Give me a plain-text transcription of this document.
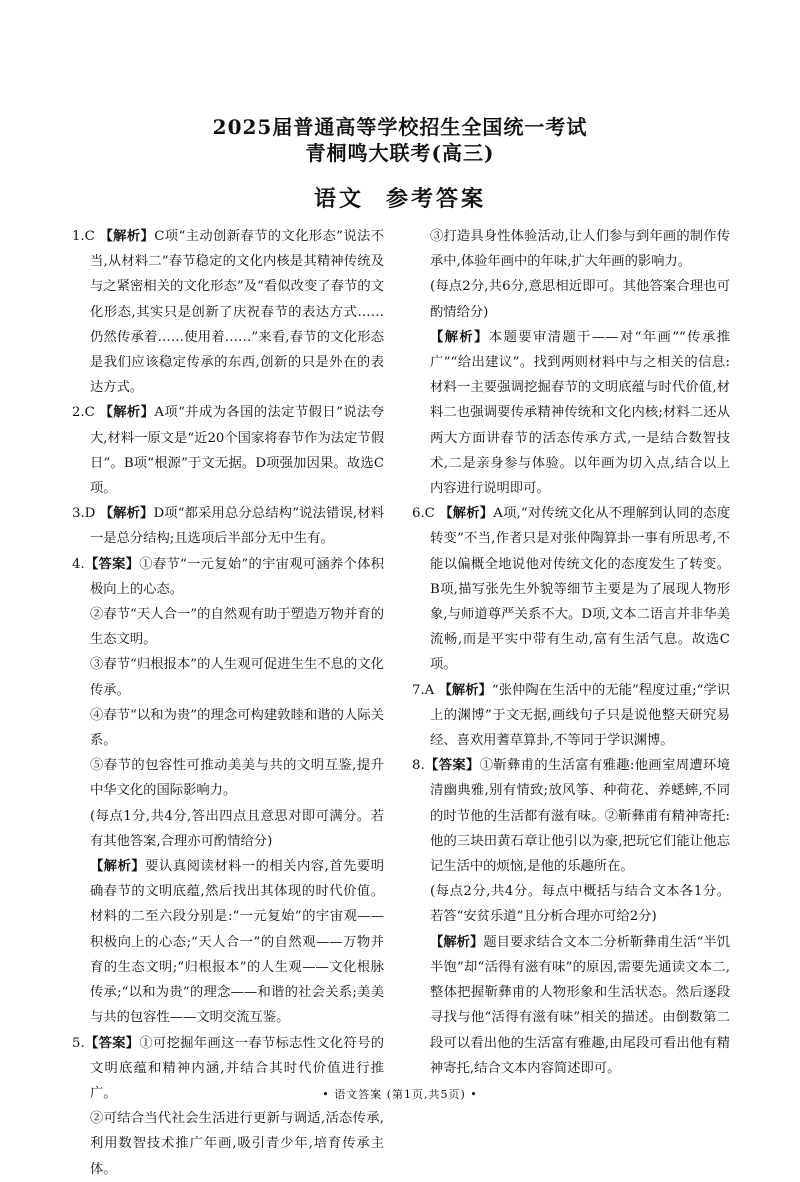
2025届普通高等学校招生全国统一考试
青桐鸣大联考(高三)
语文 参考答案

1.C 【解析】C项“主动创新春节的文化形态”说法不当,从材料二“春节稳定的文化内核是其精神传统及与之紧密相关的文化形态”及“看似改变了春节的文化形态,其实只是创新了庆祝春节的表达方式……仍然传承着……使用着……”来看,春节的文化形态是我们应该稳定传承的东西,创新的只是外在的表达方式。

2.C 【解析】A项“并成为各国的法定节假日”说法夸大,材料一原文是“近20个国家将春节作为法定节假日”。B项“根源”于文无据。D项强加因果。故选C项。

3.D 【解析】D项“都采用总分总结构”说法错误,材料一是总分结构;且选项后半部分无中生有。

4.【答案】①春节“一元复始”的宇宙观可涵养个体积极向上的心态。

②春节“天人合一”的自然观有助于塑造万物并育的生态文明。

③春节“归根报本”的人生观可促进生生不息的文化传承。

④春节“以和为贵”的理念可构建敦睦和谐的人际关系。

⑤春节的包容性可推动美美与共的文明互鉴,提升中华文化的国际影响力。

(每点1分,共4分,答出四点且意思对即可满分。若有其他答案,合理亦可酌情给分)

【解析】要认真阅读材料一的相关内容,首先要明确春节的文明底蕴,然后找出其体现的时代价值。材料的二至六段分别是:“一元复始”的宇宙观——积极向上的心态;“天人合一”的自然观——万物并育的生态文明;“归根报本”的人生观——文化根脉传承;“以和为贵”的理念——和谐的社会关系;美美与共的包容性——文明交流互鉴。

5.【答案】①可挖掘年画这一春节标志性文化符号的文明底蕴和精神内涵,并结合其时代价值进行推广。

②可结合当代社会生活进行更新与调适,活态传承,利用数智技术推广年画,吸引青少年,培育传承主体。

③打造具身性体验活动,让人们参与到年画的制作传承中,体验年画中的年味,扩大年画的影响力。

(每点2分,共6分,意思相近即可。其他答案合理也可酌情给分)

【解析】本题要审清题干——对“年画”“传承推广”“给出建议”。找到两则材料中与之相关的信息:材料一主要强调挖掘春节的文明底蕴与时代价值,材料二也强调要传承精神传统和文化内核;材料二还从两大方面讲春节的活态传承方式,一是结合数智技术,二是亲身参与体验。以年画为切入点,结合以上内容进行说明即可。

6.C 【解析】A项,“对传统文化从不理解到认同的态度转变”不当,作者只是对张仲陶算卦一事有所思考,不能以偏概全地说他对传统文化的态度发生了转变。B项,描写张先生外貌等细节主要是为了展现人物形象,与师道尊严关系不大。D项,文本二语言并非华美流畅,而是平实中带有生动,富有生活气息。故选C项。

7.A 【解析】“张仲陶在生活中的无能”程度过重;“学识上的渊博”于文无据,画线句子只是说他整天研究易经、喜欢用蓍草算卦,不等同于学识渊博。

8.【答案】①靳彝甫的生活富有雅趣:他画室周遭环境清幽典雅,别有情致;放风筝、种荷花、养蟋蟀,不同的时节他的生活都有滋有味。②靳彝甫有精神寄托:他的三块田黄石章让他引以为豪,把玩它们能让他忘记生活中的烦恼,是他的乐趣所在。

(每点2分,共4分。每点中概括与结合文本各1分。若答“安贫乐道”且分析合理亦可给2分)

【解析】题目要求结合文本二分析靳彝甫生活“半饥半饱”却“活得有滋有味”的原因,需要先通读文本二,整体把握靳彝甫的人物形象和生活状态。然后逐段寻找与他“活得有滋有味”相关的描述。由倒数第二段可以看出他的生活富有雅趣,由尾段可看出他有精神寄托,结合文本内容简述即可。

• 语文答案 (第1页,共5页) •
